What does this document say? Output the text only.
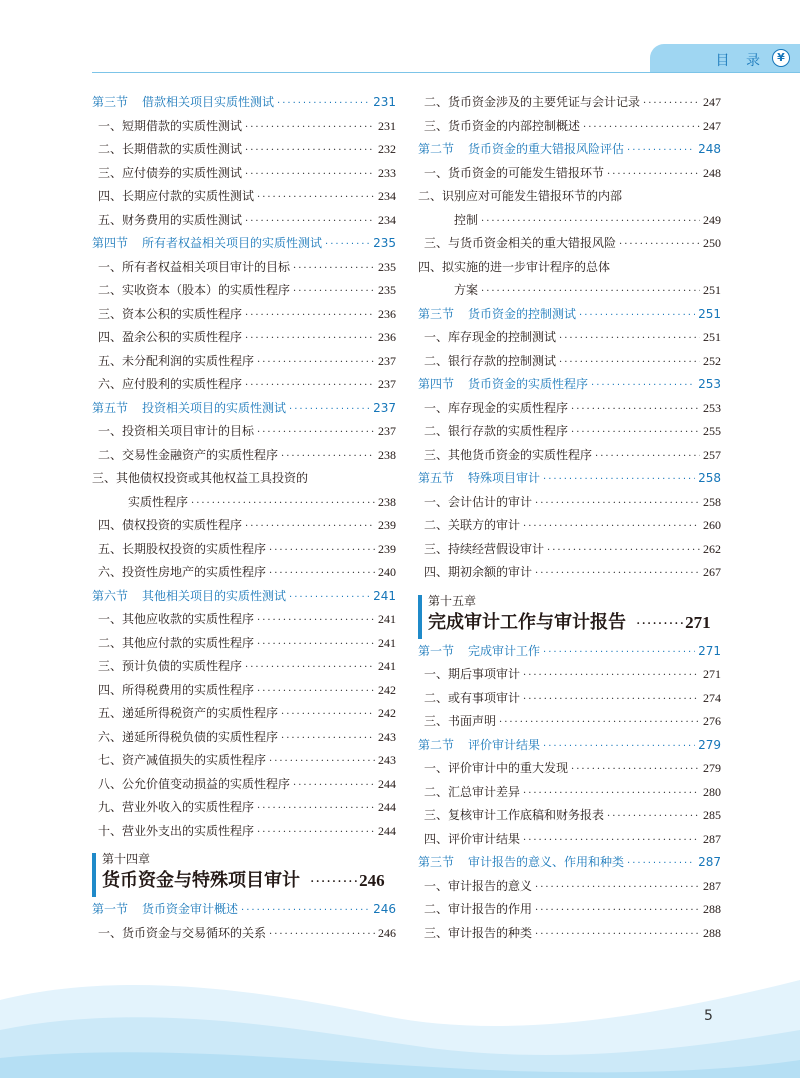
目 录	¥
第三节 借款相关项目实质性测试 ·····	231
一、短期借款的实质性测试 ·····	231
二、长期借款的实质性测试 ·····	232
三、应付债券的实质性测试 ·····	233
四、长期应付款的实质性测试 ·····	234
五、财务费用的实质性测试 ·····	234
第四节 所有者权益相关项目的实质性测试 ·····	235
一、所有者权益相关项目审计的目标 ·····	235
二、实收资本（股本）的实质性程序 ·····	235
三、资本公积的实质性程序 ·····	236
四、盈余公积的实质性程序 ·····	236
五、未分配利润的实质性程序 ·····	237
六、应付股利的实质性程序 ·····	237
第五节 投资相关项目的实质性测试 ·····	237
一、投资相关项目审计的目标 ·····	237
二、交易性金融资产的实质性程序 ·····	238
三、其他债权投资或其他权益工具投资的
实质性程序 ·····	238
四、债权投资的实质性程序 ·····	239
五、长期股权投资的实质性程序 ·····	239
六、投资性房地产的实质性程序 ·····	240
第六节 其他相关项目的实质性测试 ·····	241
一、其他应收款的实质性程序 ·····	241
二、其他应付款的实质性程序 ·····	241
三、预计负债的实质性程序 ·····	241
四、所得税费用的实质性程序 ·····	242
五、递延所得税资产的实质性程序 ·····	242
六、递延所得税负债的实质性程序 ·····	243
七、资产减值损失的实质性程序 ·····	243
八、公允价值变动损益的实质性程序 ·····	244
九、营业外收入的实质性程序 ·····	244
十、营业外支出的实质性程序 ·····	244
第十四章
货币资金与特殊项目审计 ········· 246
第一节 货币资金审计概述 ·····	246
一、货币资金与交易循环的关系 ·····	246
二、货币资金涉及的主要凭证与会计记录 ·····	247
三、货币资金的内部控制概述 ·····	247
第二节 货币资金的重大错报风险评估 ·····	248
一、货币资金的可能发生错报环节 ·····	248
二、识别应对可能发生错报环节的内部
控制 ·····	249
三、与货币资金相关的重大错报风险 ·····	250
四、拟实施的进一步审计程序的总体
方案 ·····	251
第三节 货币资金的控制测试 ·····	251
一、库存现金的控制测试 ·····	251
二、银行存款的控制测试 ·····	252
第四节 货币资金的实质性程序 ·····	253
一、库存现金的实质性程序 ·····	253
二、银行存款的实质性程序 ·····	255
三、其他货币资金的实质性程序 ·····	257
第五节 特殊项目审计 ·····	258
一、会计估计的审计 ·····	258
二、关联方的审计 ·····	260
三、持续经营假设审计 ·····	262
四、期初余额的审计 ·····	267
第十五章
完成审计工作与审计报告 ········· 271
第一节 完成审计工作 ·····	271
一、期后事项审计 ·····	271
二、或有事项审计 ·····	274
三、书面声明 ·····	276
第二节 评价审计结果 ·····	279
一、评价审计中的重大发现 ·····	279
二、汇总审计差异 ·····	280
三、复核审计工作底稿和财务报表 ·····	285
四、评价审计结果 ·····	287
第三节 审计报告的意义、作用和种类 ·····	287
一、审计报告的意义 ·····	287
二、审计报告的作用 ·····	288
三、审计报告的种类 ·····	288
5
